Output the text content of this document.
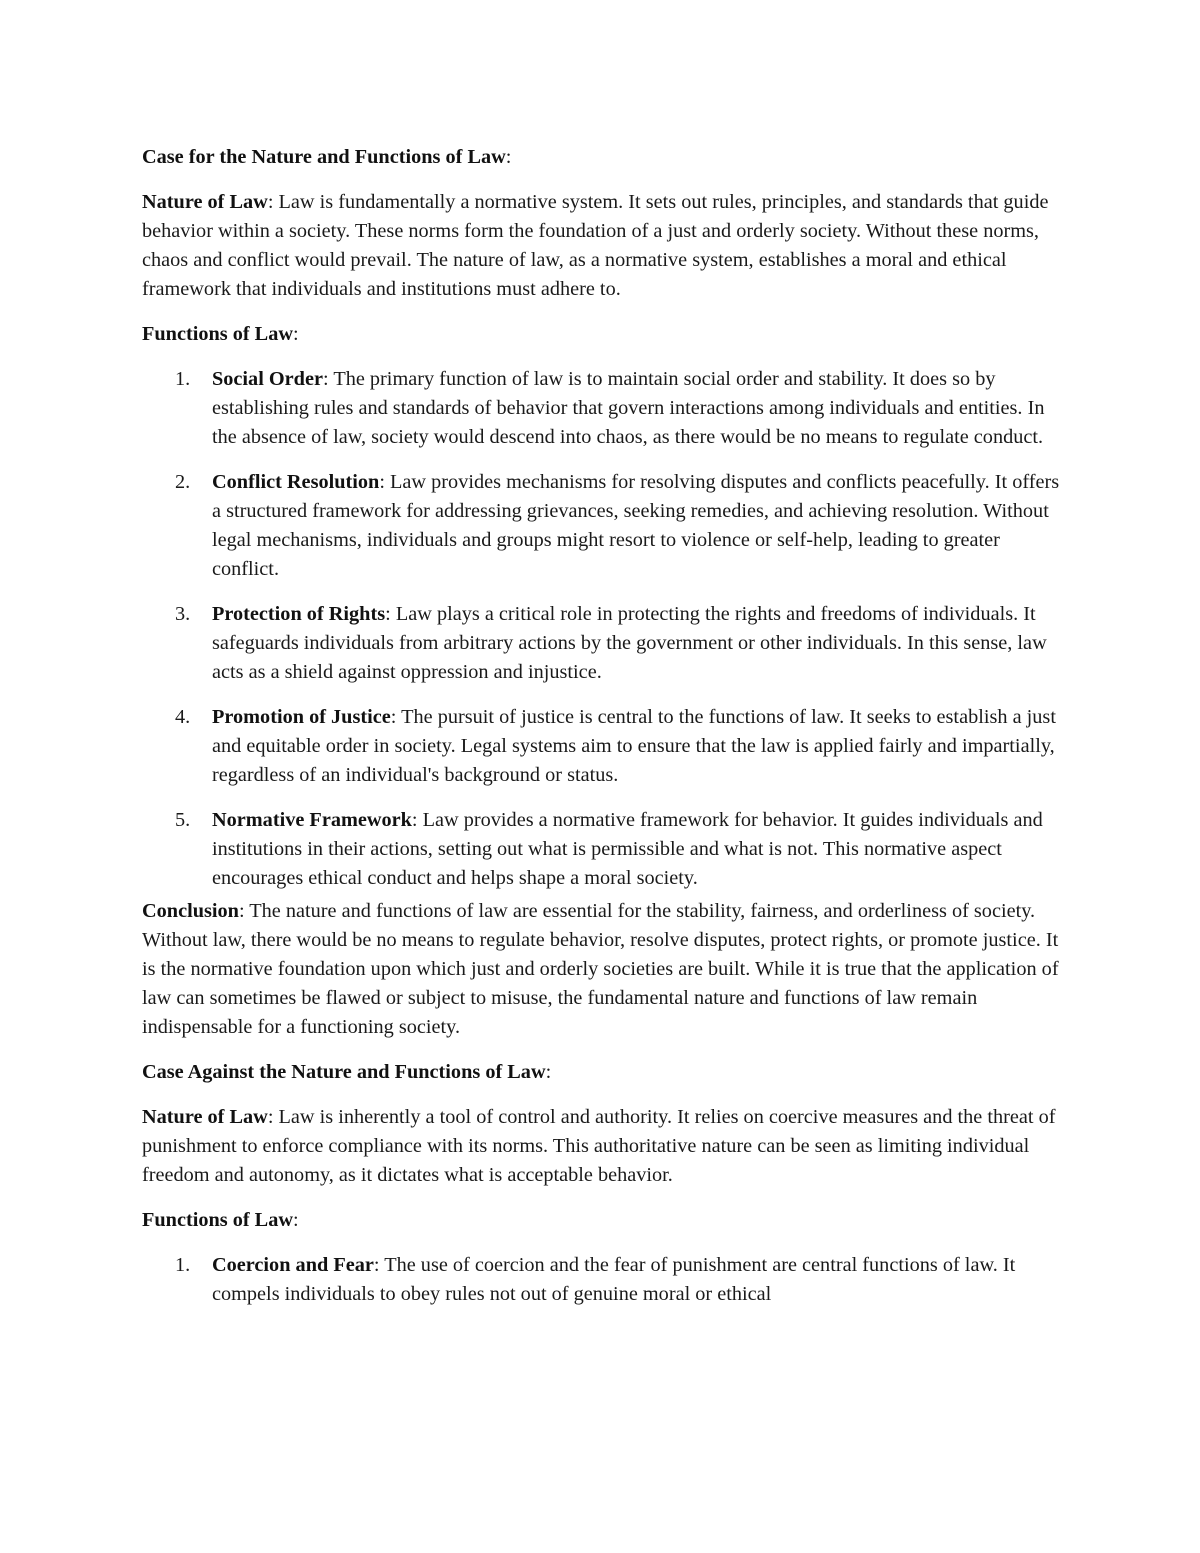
Case for the Nature and Functions of Law:

Nature of Law: Law is fundamentally a normative system. It sets out rules, principles, and standards that guide behavior within a society. These norms form the foundation of a just and orderly society. Without these norms, chaos and conflict would prevail. The nature of law, as a normative system, establishes a moral and ethical framework that individuals and institutions must adhere to.

Functions of Law:

1. Social Order: The primary function of law is to maintain social order and stability. It does so by establishing rules and standards of behavior that govern interactions among individuals and entities. In the absence of law, society would descend into chaos, as there would be no means to regulate conduct.
2. Conflict Resolution: Law provides mechanisms for resolving disputes and conflicts peacefully. It offers a structured framework for addressing grievances, seeking remedies, and achieving resolution. Without legal mechanisms, individuals and groups might resort to violence or self-help, leading to greater conflict.
3. Protection of Rights: Law plays a critical role in protecting the rights and freedoms of individuals. It safeguards individuals from arbitrary actions by the government or other individuals. In this sense, law acts as a shield against oppression and injustice.
4. Promotion of Justice: The pursuit of justice is central to the functions of law. It seeks to establish a just and equitable order in society. Legal systems aim to ensure that the law is applied fairly and impartially, regardless of an individual's background or status.
5. Normative Framework: Law provides a normative framework for behavior. It guides individuals and institutions in their actions, setting out what is permissible and what is not. This normative aspect encourages ethical conduct and helps shape a moral society.

Conclusion: The nature and functions of law are essential for the stability, fairness, and orderliness of society. Without law, there would be no means to regulate behavior, resolve disputes, protect rights, or promote justice. It is the normative foundation upon which just and orderly societies are built. While it is true that the application of law can sometimes be flawed or subject to misuse, the fundamental nature and functions of law remain indispensable for a functioning society.

Case Against the Nature and Functions of Law:

Nature of Law: Law is inherently a tool of control and authority. It relies on coercive measures and the threat of punishment to enforce compliance with its norms. This authoritative nature can be seen as limiting individual freedom and autonomy, as it dictates what is acceptable behavior.

Functions of Law:

1. Coercion and Fear: The use of coercion and the fear of punishment are central functions of law. It compels individuals to obey rules not out of genuine moral or ethical
